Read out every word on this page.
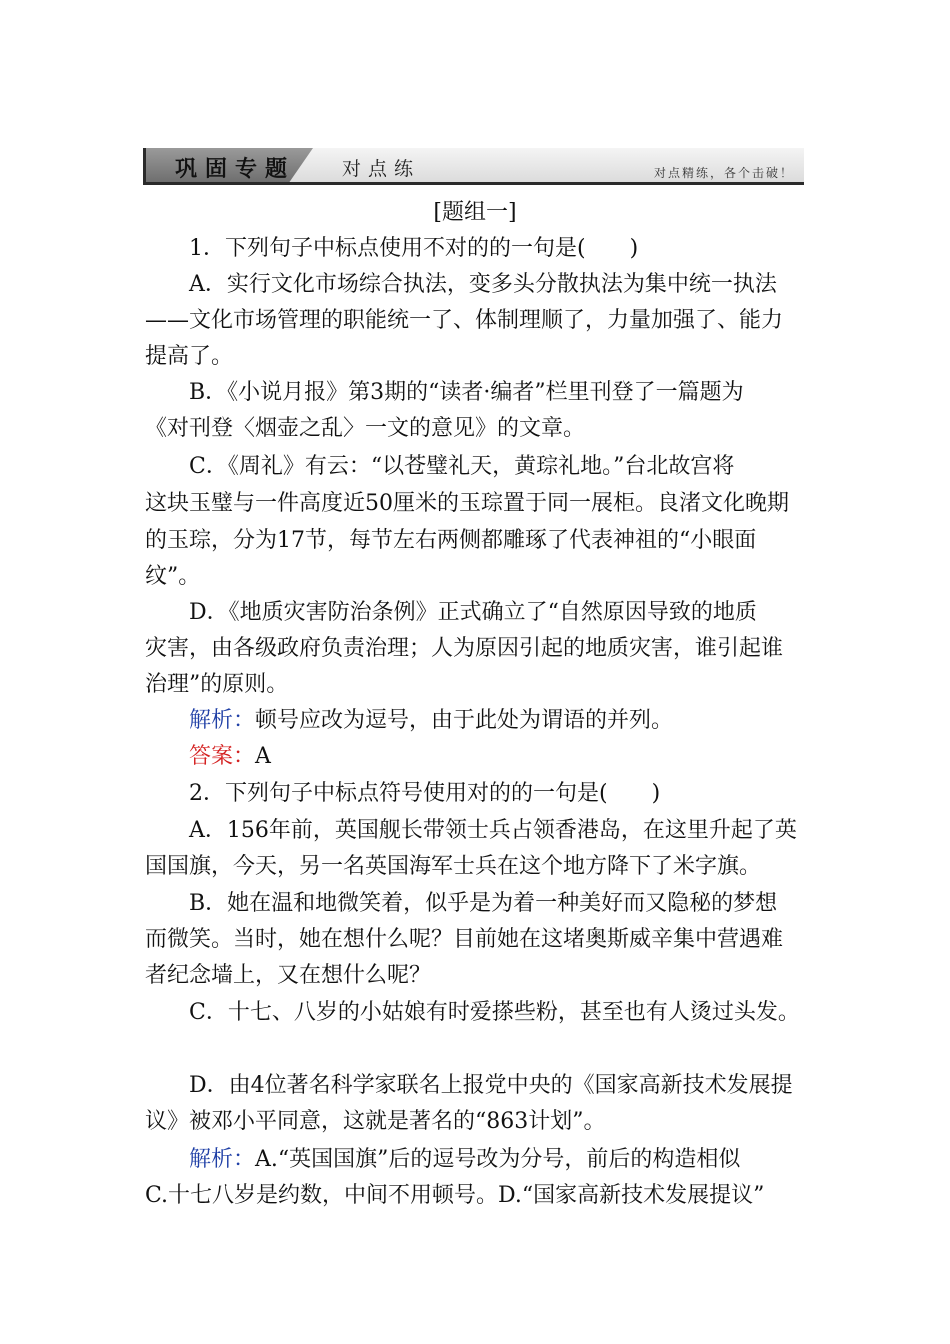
巩固专题 对点练	对点精练，各个击破！
[题组一]
1．下列句子中标点使用不对的的一句是(　　)
A．实行文化市场综合执法，变多头分散执法为集中统一执法
——文化市场管理的职能统一了、体制理顺了，力量加强了、能力
提高了。
B．《小说月报》第3期的“读者·编者”栏里刊登了一篇题为
《对刊登〈烟壶之乱〉一文的意见》的文章。
C．《周礼》有云：“以苍璧礼天，黄琮礼地。”台北故宫将
这块玉璧与一件高度近50厘米的玉琮置于同一展柜。良渚文化晚期
的玉琮，分为17节，每节左右两侧都雕琢了代表神祖的“小眼面
纹”。
D．《地质灾害防治条例》正式确立了“自然原因导致的地质
灾害，由各级政府负责治理；人为原因引起的地质灾害，谁引起谁
治理”的原则。
解析：顿号应改为逗号，由于此处为谓语的并列。
答案：A
2．下列句子中标点符号使用对的的一句是(　　)
A．156年前，英国舰长带领士兵占领香港岛，在这里升起了英
国国旗，今天，另一名英国海军士兵在这个地方降下了米字旗。
B．她在温和地微笑着，似乎是为着一种美好而又隐秘的梦想
而微笑。当时，她在想什么呢？目前她在这堵奥斯威辛集中营遇难
者纪念墙上，又在想什么呢？
C．十七、八岁的小姑娘有时爱搽些粉，甚至也有人烫过头发。
D．由4位著名科学家联名上报党中央的《国家高新技术发展提
议》被邓小平同意，这就是著名的“863计划”。
解析：A.“英国国旗”后的逗号改为分号，前后的构造相似
C.十七八岁是约数，中间不用顿号。D.“国家高新技术发展提议”
